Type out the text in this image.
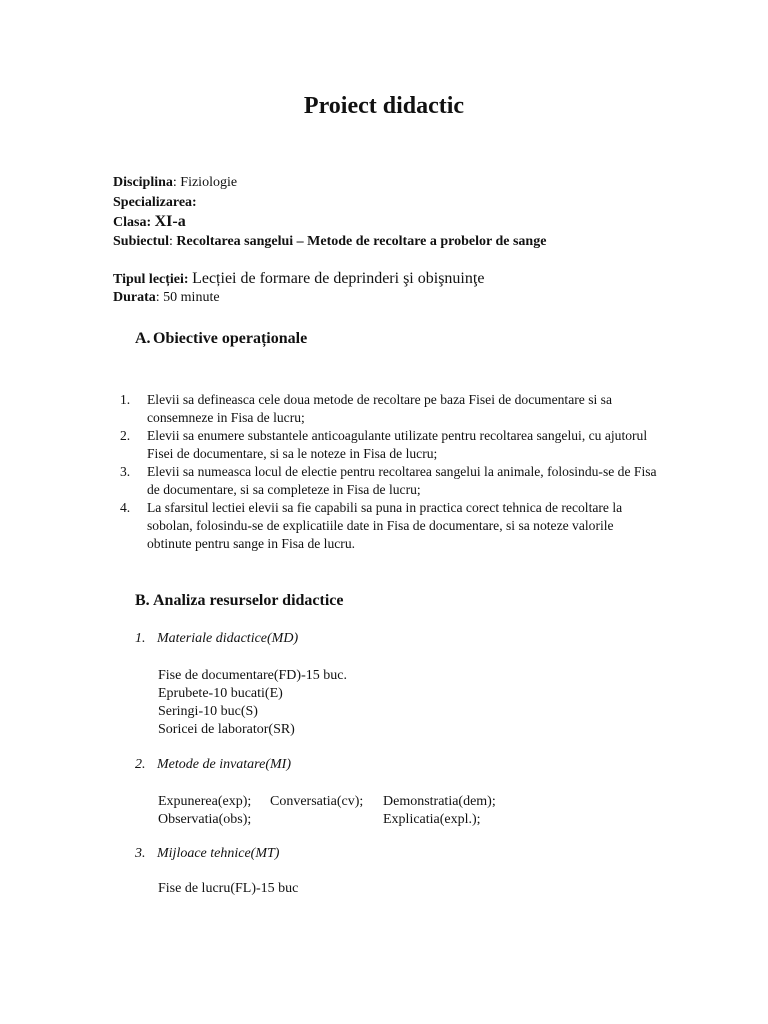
Proiect didactic
Disciplina: Fiziologie
Specializarea:
Clasa: XI-a
Subiectul: Recoltarea sangelui – Metode de recoltare a probelor de sange
Tipul lecției: Lecției de formare de deprinderi şi obişnuinţe
Durata: 50 minute
A. Obiective operaționale
1. Elevii sa defineasca cele doua metode de recoltare pe baza Fisei de documentare si sa consemneze in Fisa de lucru;
2. Elevii sa enumere substantele anticoagulante utilizate pentru recoltarea sangelui, cu ajutorul Fisei de documentare, si sa le noteze in Fisa de lucru;
3. Elevii sa numeasca locul de electie pentru recoltarea sangelui la animale, folosindu-se de Fisa de documentare, si sa completeze in Fisa de lucru;
4. La sfarsitul lectiei elevii sa fie capabili sa puna in practica corect tehnica de recoltare la sobolan, folosindu-se de explicatiile date in Fisa de documentare, si sa noteze valorile obtinute pentru sange in Fisa de lucru.
B. Analiza resurselor didactice
1. Materiale didactice(MD)
Fise de documentare(FD)-15 buc.
Eprubete-10 bucati(E)
Seringi-10 buc(S)
Soricei de laborator(SR)
2. Metode de invatare(MI)
Expunerea(exp); Conversatia(cv); Demonstratia(dem);
Observatia(obs);	Explicatia(expl.);
3. Mijloace tehnice(MT)
Fise de lucru(FL)-15 buc
